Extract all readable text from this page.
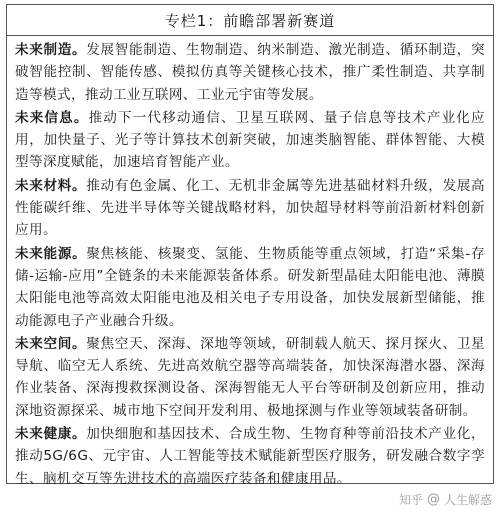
专栏1：前瞻部署新赛道

未来制造。发展智能制造、生物制造、纳米制造、激光制造、循环制造，突破智能控制、智能传感、模拟仿真等关键核心技术，推广柔性制造、共享制造等模式，推动工业互联网、工业元宇宙等发展。

未来信息。推动下一代移动通信、卫星互联网、量子信息等技术产业化应用，加快量子、光子等计算技术创新突破，加速类脑智能、群体智能、大模型等深度赋能，加速培育智能产业。

未来材料。推动有色金属、化工、无机非金属等先进基础材料升级，发展高性能碳纤维、先进半导体等关键战略材料，加快超导材料等前沿新材料创新应用。

未来能源。聚焦核能、核聚变、氢能、生物质能等重点领域，打造“采集-存储-运输-应用”全链条的未来能源装备体系。研发新型晶硅太阳能电池、薄膜太阳能电池等高效太阳能电池及相关电子专用设备，加快发展新型储能，推动能源电子产业融合升级。

未来空间。聚焦空天、深海、深地等领域，研制载人航天、探月探火、卫星导航、临空无人系统、先进高效航空器等高端装备，加快深海潜水器、深海作业装备、深海搜救探测设备、深海智能无人平台等研制及创新应用，推动深地资源探采、城市地下空间开发利用、极地探测与作业等领域装备研制。

未来健康。加快细胞和基因技术、合成生物、生物育种等前沿技术产业化，推动5G/6G、元宇宙、人工智能等技术赋能新型医疗服务，研发融合数字孪生、脑机交互等先进技术的高端医疗装备和健康用品。

知乎 @ 人生解惑
